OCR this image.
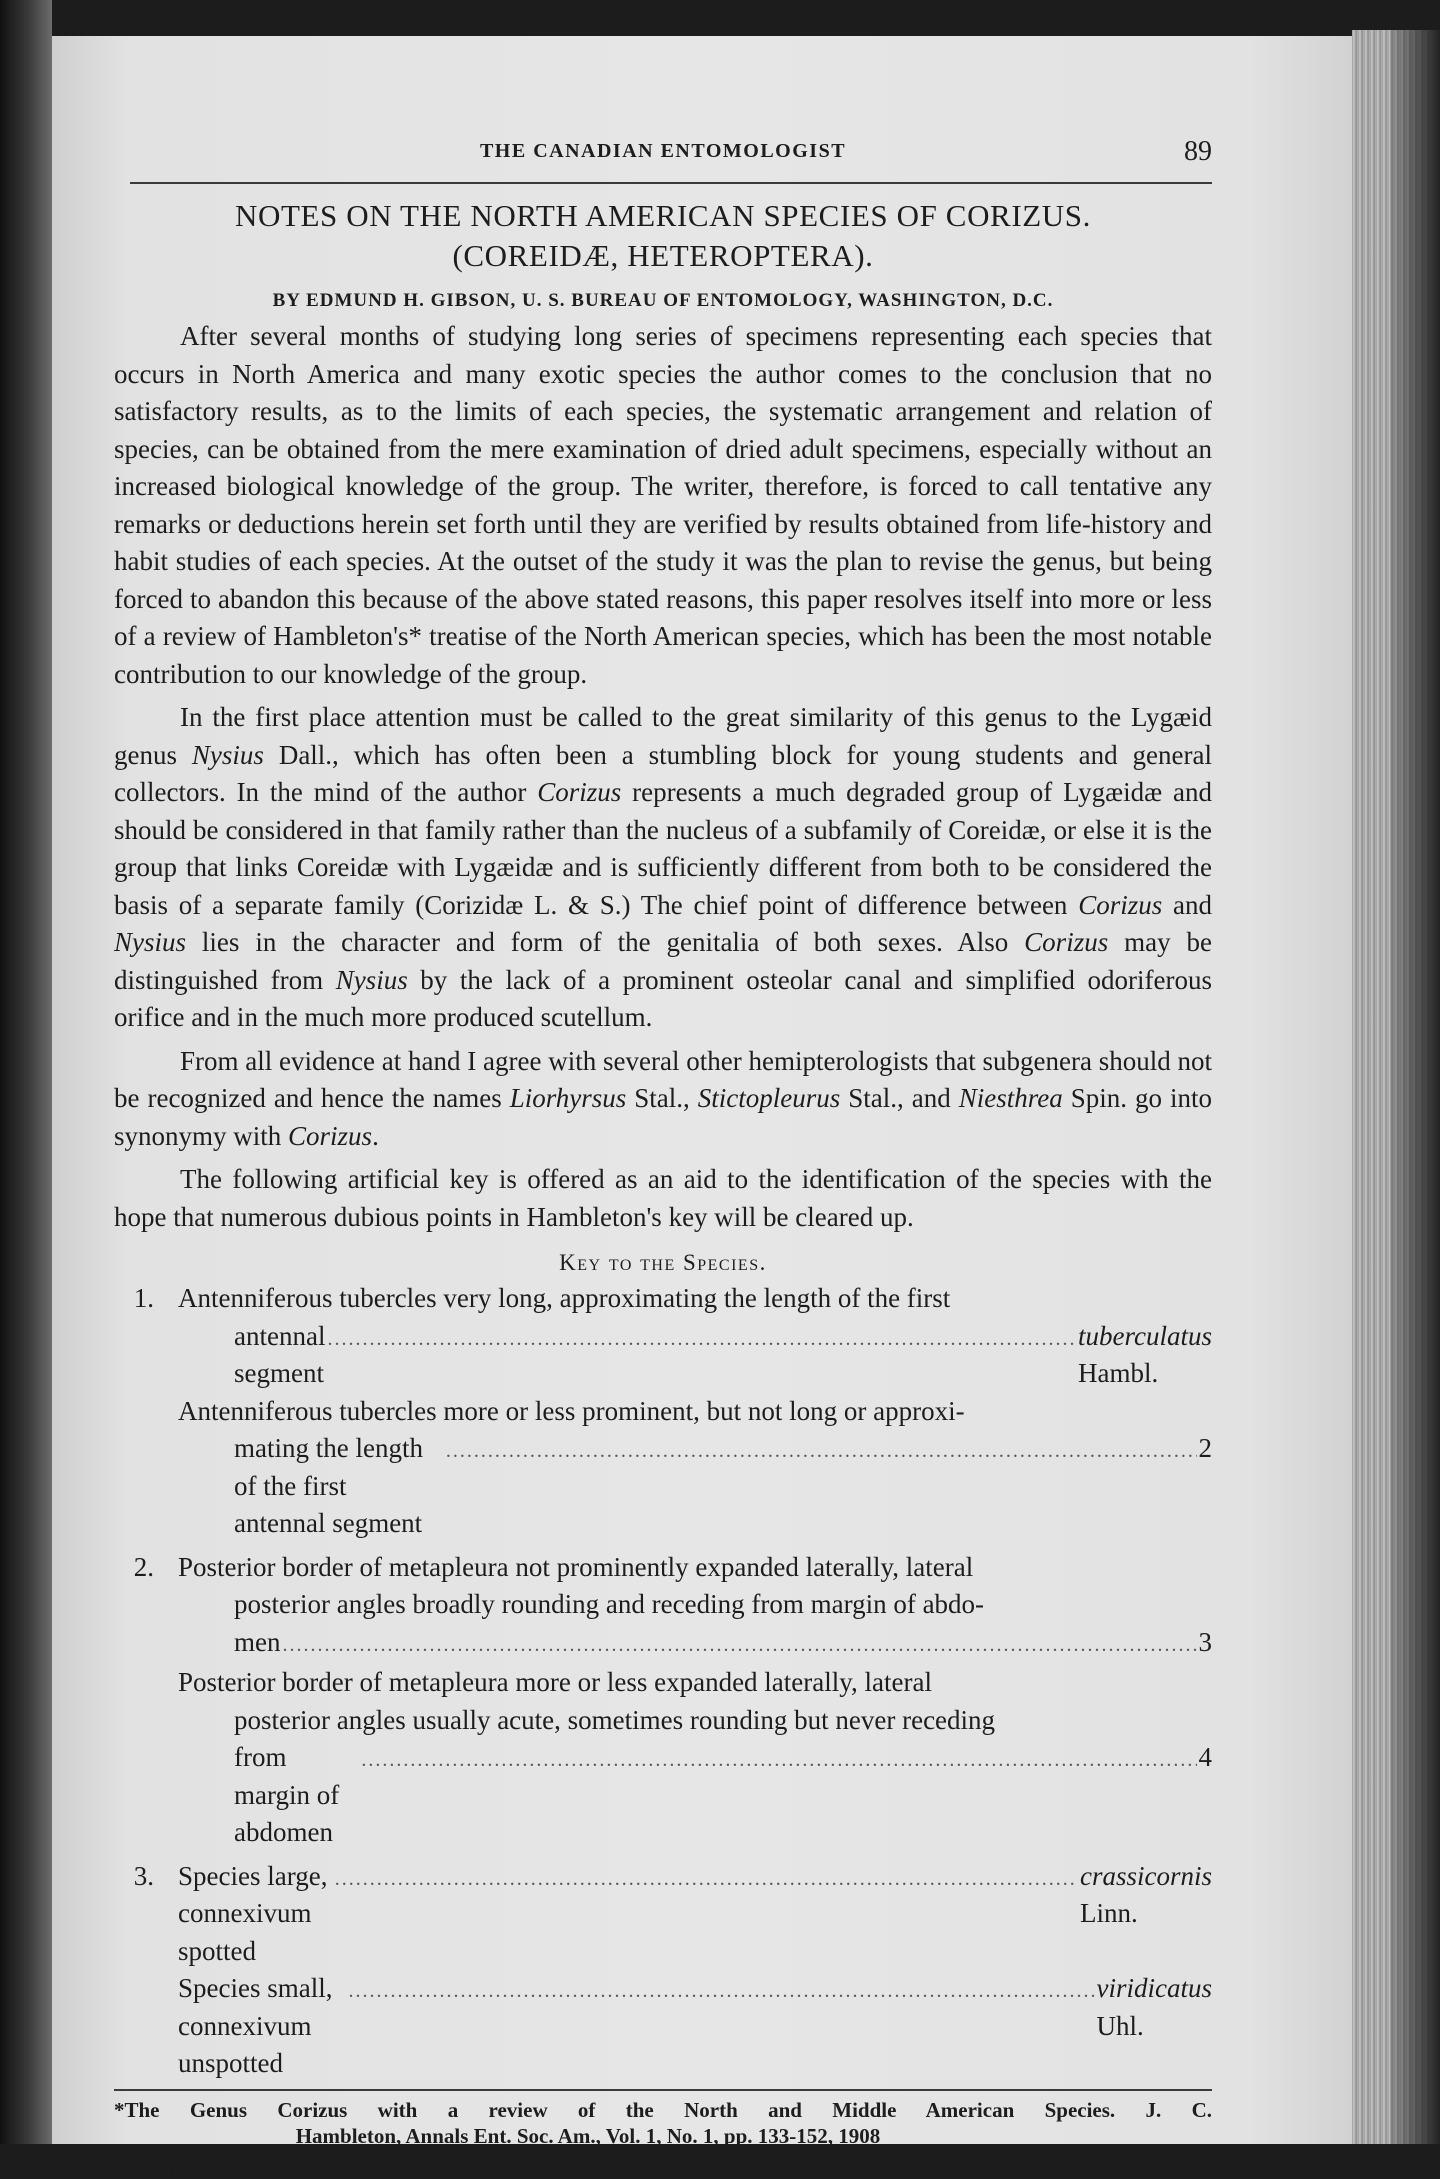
THE CANADIAN ENTOMOLOGIST	89
NOTES ON THE NORTH AMERICAN SPECIES OF CORIZUS.
(COREIDÆ, HETEROPTERA).
BY EDMUND H. GIBSON, U. S. BUREAU OF ENTOMOLOGY, WASHINGTON, D.C.

After several months of studying long series of specimens representing each species that occurs in North America and many exotic species the author comes to the conclusion that no satisfactory results, as to the limits of each species, the systematic arrangement and relation of species, can be obtained from the mere examination of dried adult specimens, especially without an increased biological knowledge of the group. The writer, therefore, is forced to call tentative any remarks or deductions herein set forth until they are verified by results obtained from life-history and habit studies of each species. At the outset of the study it was the plan to revise the genus, but being forced to abandon this because of the above stated reasons, this paper resolves itself into more or less of a review of Hambleton's* treatise of the North American species, which has been the most notable contribution to our knowledge of the group.

In the first place attention must be called to the great similarity of this genus to the Lygæid genus Nysius Dall., which has often been a stumbling block for young students and general collectors. In the mind of the author Corizus represents a much degraded group of Lygæidæ and should be considered in that family rather than the nucleus of a subfamily of Coreidæ, or else it is the group that links Coreidæ with Lygæidæ and is sufficiently different from both to be considered the basis of a separate family (Corizidæ L. & S.) The chief point of difference between Corizus and Nysius lies in the character and form of the genitalia of both sexes. Also Corizus may be distinguished from Nysius by the lack of a prominent osteolar canal and simplified odoriferous orifice and in the much more produced scutellum.

From all evidence at hand I agree with several other hemipterologists that subgenera should not be recognized and hence the names Liorhyrsus Stal., Stictopleurus Stal., and Niesthrea Spin. go into synonymy with Corizus.

The following artificial key is offered as an aid to the identification of the species with the hope that numerous dubious points in Hambleton's key will be cleared up.

Key to the Species.
1. Antenniferous tubercles very long, approximating the length of the first
antennal segment
.....
tuberculatus Hambl.
Antenniferous tubercles more or less prominent, but not long or approxi-
mating the length of the first antennal segment
.....
2
2. Posterior border of metapleura not prominently expanded laterally, lateral
posterior angles broadly rounding and receding from margin of abdo-
men
.....	3
Posterior border of metapleura more or less expanded laterally, lateral
posterior angles usually acute, sometimes rounding but never receding
from margin of abdomen
.....
4
3. Species large, connexivum spotted
.....
crassicornis Linn.
Species small, connexivum unspotted
.....
viridicatus Uhl.
*The Genus Corizus with a review of the North and Middle American Species. J. C.
Hambleton, Annals Ent. Soc. Am., Vol. 1, No. 1, pp. 133-152, 1908
April, 1919
